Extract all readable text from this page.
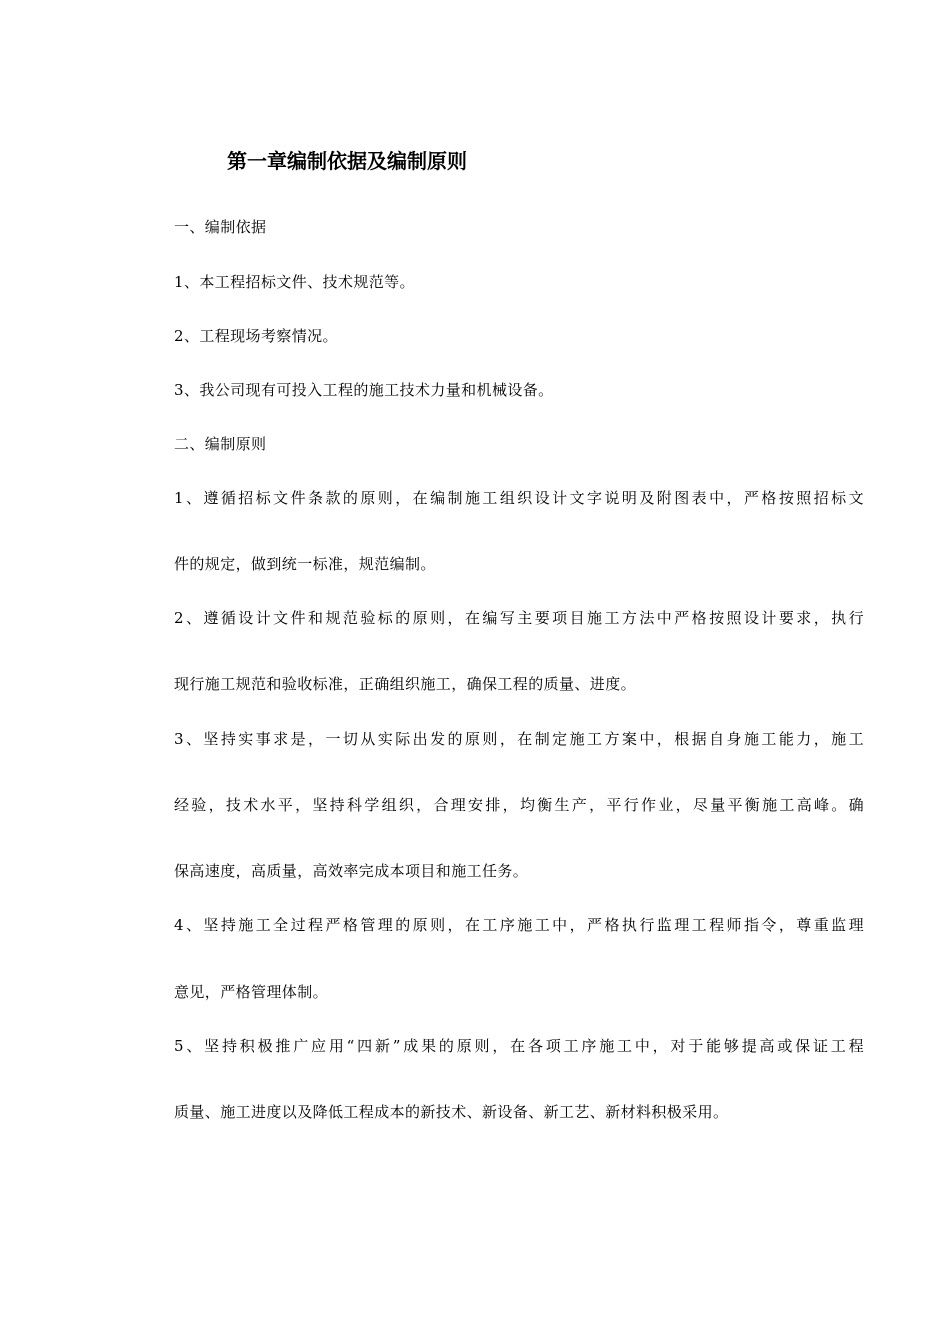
第一章编制依据及编制原则
一、编制依据
1、本工程招标文件、技术规范等。
2、工程现场考察情况。
3、我公司现有可投入工程的施工技术力量和机械设备。
二、编制原则
1、遵循招标文件条款的原则，在编制施工组织设计文字说明及附图表中，严格按照招标文
件的规定，做到统一标准，规范编制。
2、遵循设计文件和规范验标的原则，在编写主要项目施工方法中严格按照设计要求，执行
现行施工规范和验收标准，正确组织施工，确保工程的质量、进度。
3、坚持实事求是，一切从实际出发的原则，在制定施工方案中，根据自身施工能力，施工
经验，技术水平，坚持科学组织，合理安排，均衡生产，平行作业，尽量平衡施工高峰。确
保高速度，高质量，高效率完成本项目和施工任务。
4、坚持施工全过程严格管理的原则，在工序施工中，严格执行监理工程师指令，尊重监理
意见，严格管理体制。
5、坚持积极推广应用“四新”成果的原则，在各项工序施工中，对于能够提高或保证工程
质量、施工进度以及降低工程成本的新技术、新设备、新工艺、新材料积极采用。
